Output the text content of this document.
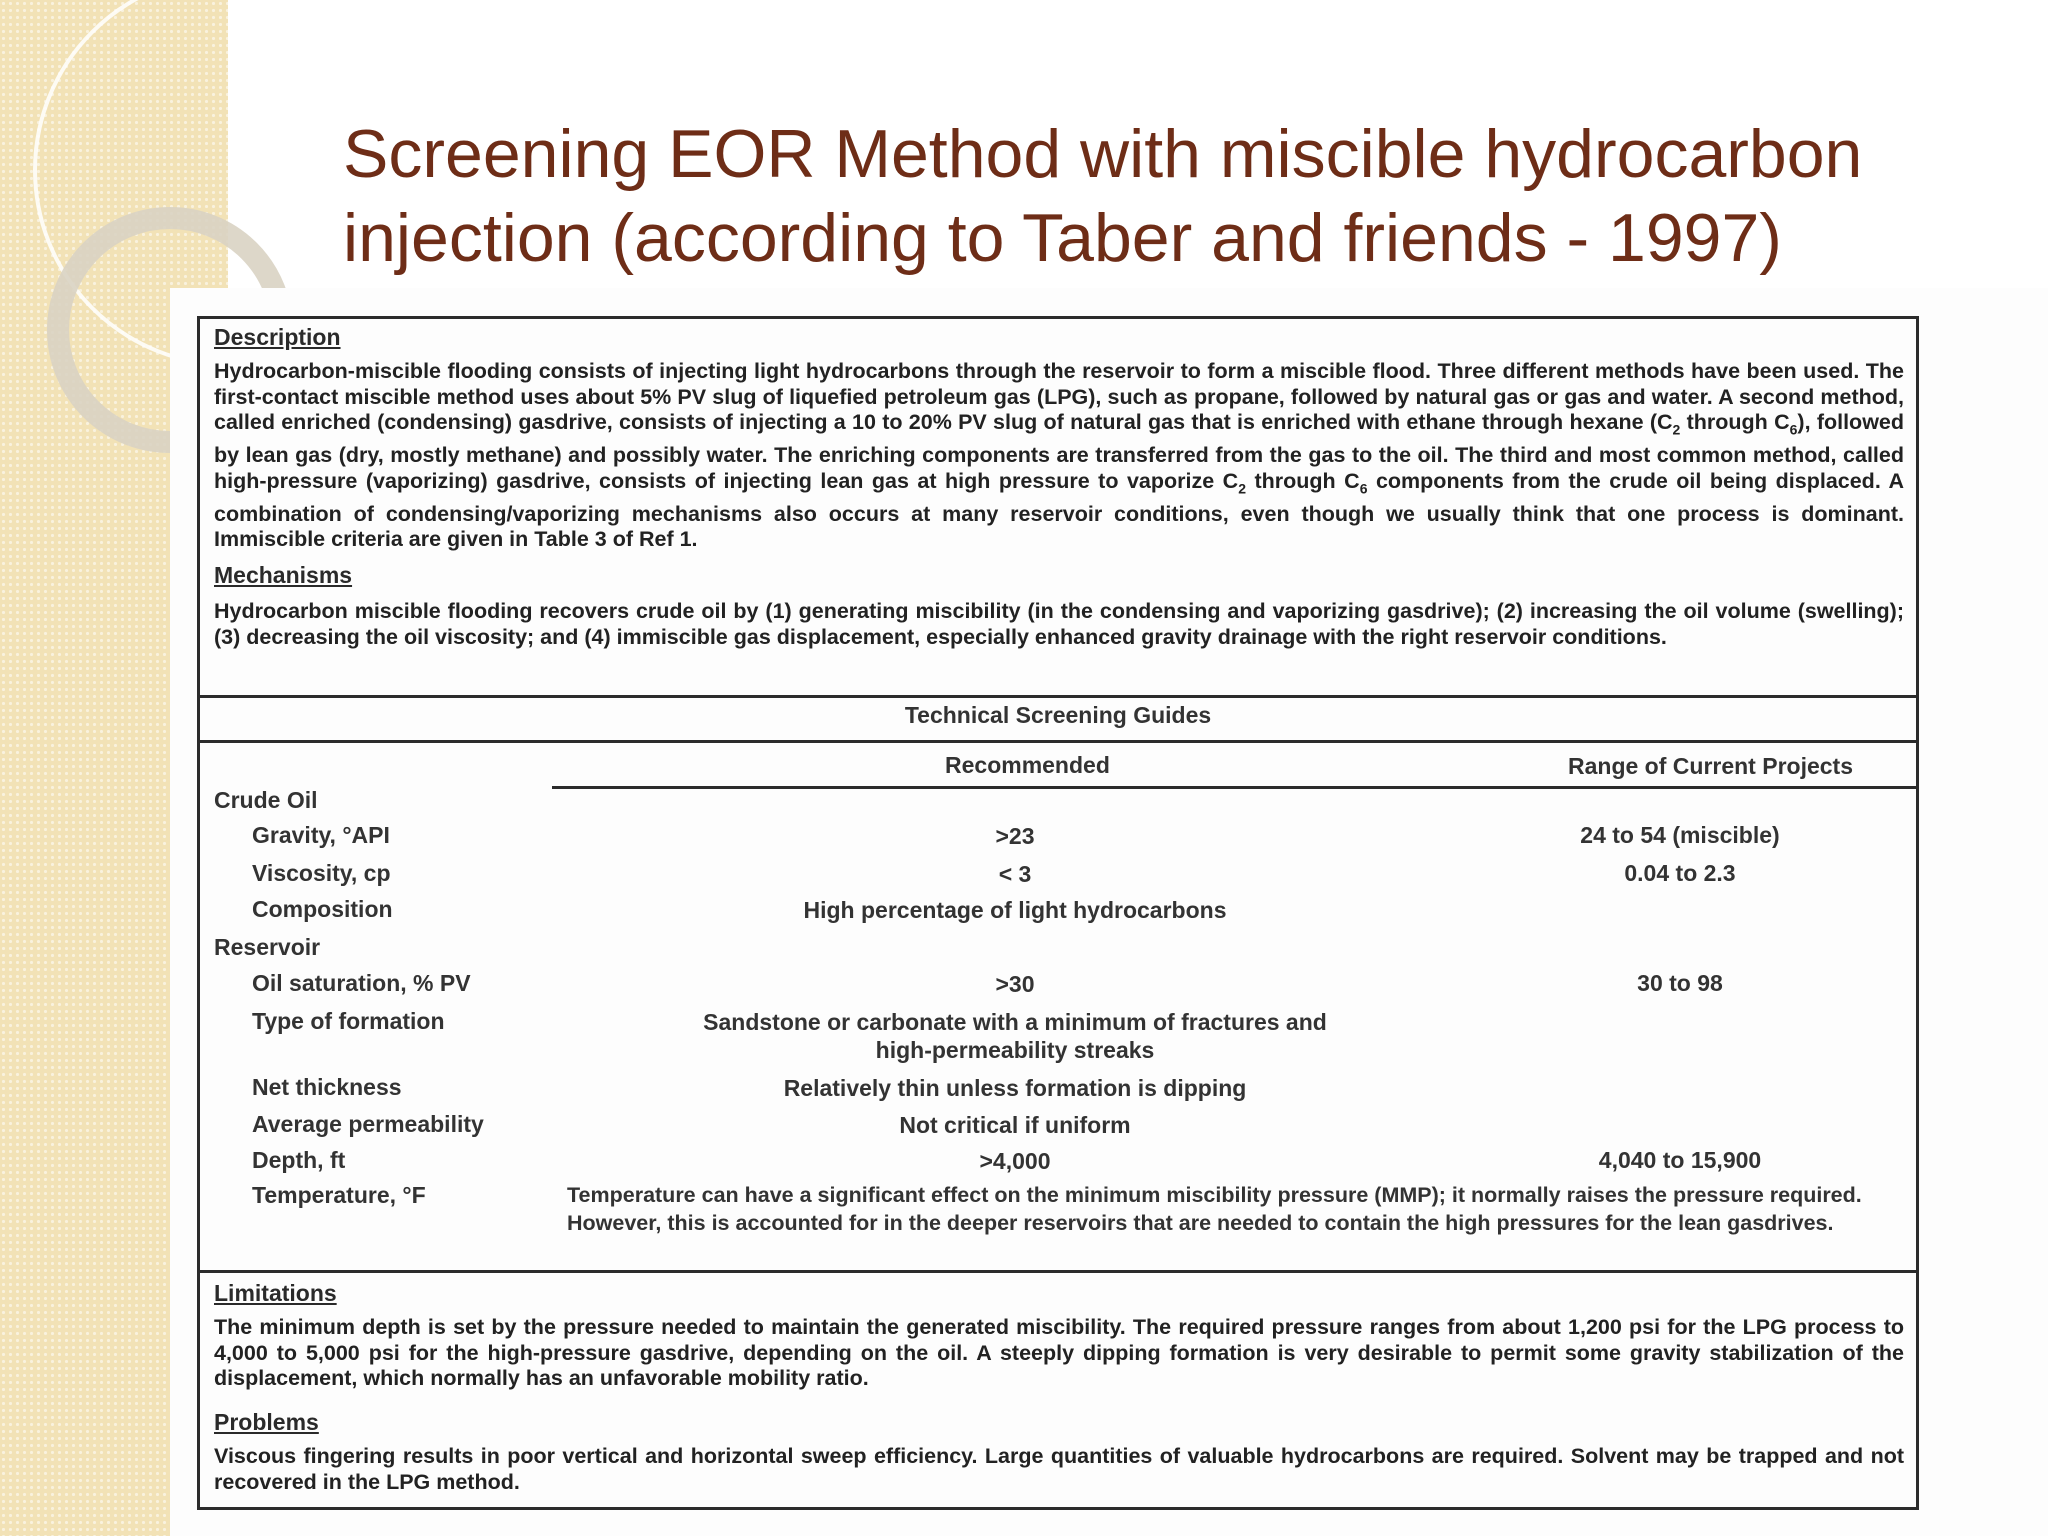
Screening EOR Method with miscible hydrocarbon
injection (according to Taber and friends - 1997)
Description
Hydrocarbon-miscible flooding consists of injecting light hydrocarbons through the reservoir to form a miscible flood. Three different methods have been used. The first-contact miscible method uses about 5% PV slug of liquefied petroleum gas (LPG), such as propane, followed by natural gas or gas and water. A second method, called enriched (condensing) gasdrive, consists of injecting a 10 to 20% PV slug of natural gas that is enriched with ethane through hexane ($C_2$ through $C_6$), followed by lean gas (dry, mostly methane) and possibly water. The enriching components are transferred from the gas to the oil. The third and most common method, called high-pressure (vaporizing) gasdrive, consists of injecting lean gas at high pressure to vaporize $C_2$ through $C_6$ components from the crude oil being displaced. A combination of condensing/vaporizing mechanisms also occurs at many reservoir conditions, even though we usually think that one process is dominant. Immiscible criteria are given in Table 3 of Ref 1.
Mechanisms
Hydrocarbon miscible flooding recovers crude oil by (1) generating miscibility (in the condensing and vaporizing gasdrive); (2) increasing the oil volume (swelling); (3) decreasing the oil viscosity; and (4) immiscible gas displacement, especially enhanced gravity drainage with the right reservoir conditions.
Technical Screening Guides
Recommended	Range of Current Projects
Crude Oil
Reservoir
Gravity, °API	>23	24 to 54 (miscible)
Viscosity, cp	< 3	0.04 to 2.3
Composition	High percentage of light hydrocarbons
Oil saturation, % PV	>30	30 to 98
Type of formation	Sandstone or carbonate with a minimum of fractures and high-permeability streaks
Net thickness	Relatively thin unless formation is dipping
Average permeability	Not critical if uniform
Depth, ft	>4,000	4,040 to 15,900
Temperature, °F	Temperature can have a significant effect on the minimum miscibility pressure (MMP); it normally raises the pressure required. However, this is accounted for in the deeper reservoirs that are needed to contain the high pressures for the lean gasdrives.
Limitations
The minimum depth is set by the pressure needed to maintain the generated miscibility. The required pressure ranges from about 1,200 psi for the LPG process to 4,000 to 5,000 psi for the high-pressure gasdrive, depending on the oil. A steeply dipping formation is very desirable to permit some gravity stabilization of the displacement, which normally has an unfavorable mobility ratio.
Problems
Viscous fingering results in poor vertical and horizontal sweep efficiency. Large quantities of valuable hydrocarbons are required. Solvent may be trapped and not recovered in the LPG method.
